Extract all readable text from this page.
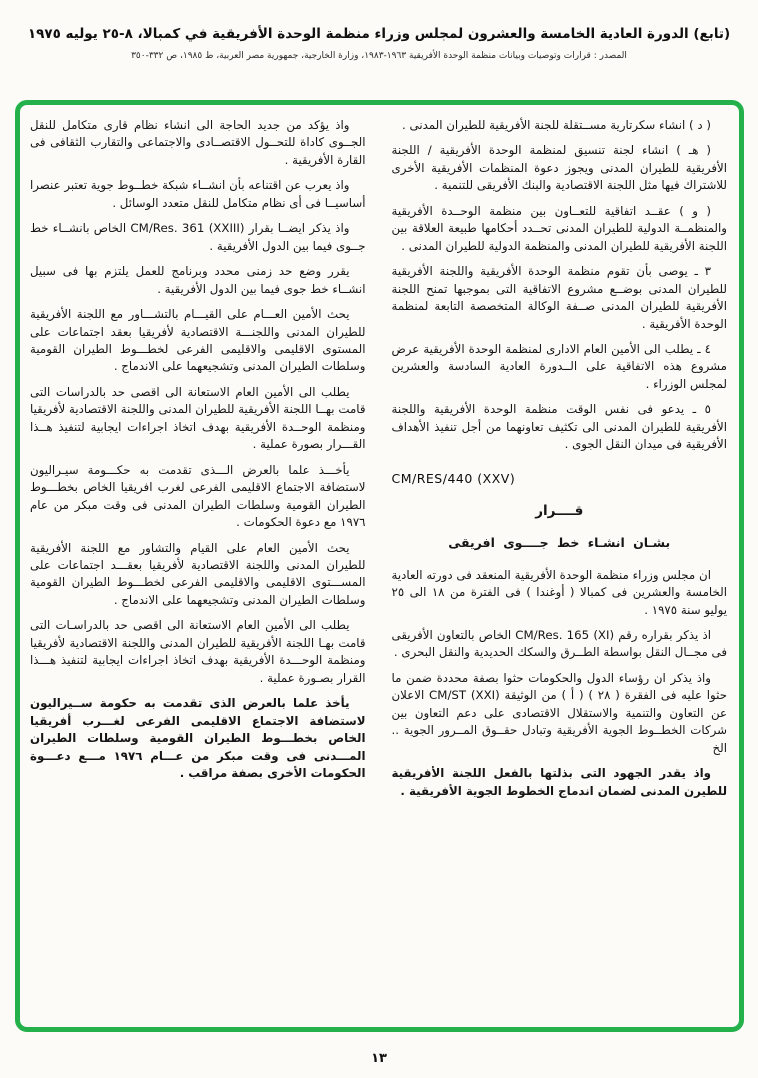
(تابع) الدورة العادية الخامسة والعشرون لمجلس وزراء منظمة الوحدة الأفريقية في كمبالا، ٨-٢٥ يوليه ١٩٧٥
المصدر : قرارات وتوصيات وبيانات منظمة الوحدة الأفريقية ١٩٦٣-١٩٨٣، وزارة الخارجية، جمهورية مصر العربية، ط ١٩٨٥، ص ٣٣٢-٣٥٠

( د ) انشاء سكرتارية مســتقلة للجنة الأفريقية للطيران المدنى .

( هـ ) انشاء لجنة تنسيق لمنظمة الوحدة الأفريقية / اللجنة الأفريقية للطيران المدنى ويجوز دعوة المنظمات الأفريقية الأخرى للاشتراك فيها مثل اللجنة الاقتصادية والبنك الأفريقى للتنمية .

( و ) عقــد اتفاقية للتعــاون بين منظمة الوحــدة الأفريقية والمنظمــة الدولية للطيران المدنى تحــدد أحكامها طبيعة العلاقة بين اللجنة الأفريقية للطيران المدنى والمنظمة الدولية للطيران المدنى .

٣ ـ يوصى بأن تقوم منظمة الوحدة الأفريقية واللجنة الأفريقية للطيران المدنى بوضــع مشروع الاتفاقية التى بموجبها تمنح اللجنة الأفريقية للطيران المدنى صــفة الوكالة المتخصصة التابعة لمنظمة الوحدة الأفريقية .

٤ ـ يطلب الى الأمين العام الادارى لمنظمة الوحدة الأفريقية عرض مشروع هذه الاتفاقية على الــدورة العادية السادسة والعشرين لمجلس الوزراء .

٥ ـ يدعو فى نفس الوقت منظمة الوحدة الأفريقية واللجنة الأفريقية للطيران المدنى الى تكثيف تعاونهما من أجل تنفيذ الأهداف الأفريقية فى ميدان النقل الجوى .

CM/RES/440 (XXV)

قــــرار

بشـان انشـاء خط جــــوى افريقى

ان مجلس وزراء منظمة الوحدة الأفريقية المنعقد فى دورته العادية الخامسة والعشرين فى كمبالا ( أوغندا ) فى الفترة من ١٨ الى ٢٥ يوليو سنة ١٩٧٥ .

اذ يذكر بقراره رقم CM/Res. 165 (XI) الخاص بالتعاون الأفريقى فى مجــال النقل بواسطة الطــرق والسكك الحديدية والنقل البحرى .

واذ يذكر ان رؤساء الدول والحكومات حثوا بصفة محددة ضمن ما حثوا عليه فى الفقرة ( ٢٨ ) ( أ ) من الوثيقة CM/ST (XXI) الاعلان عن التعاون والتنمية والاستقلال الاقتصادى على دعم التعاون بين شركات الخطــوط الجوية الأفريقية وتبادل حقــوق المــرور الجوية .. الخ

واذ يقدر الجهود التى بذلتها بالفعل اللجنة الأفريقية للطيرن المدنى لضمان اندماج الخطوط الجوية الأفريقية .

واذ يؤكد من جديد الحاجة الى انشاء نظام قارى متكامل للنقل الجــوى كاداة للتحــول الاقتصــادى والاجتماعى والتقارب الثقافى فى القارة الأفريقية .

واذ يعرب عن اقتناعه بأن انشــاء شبكة خطــوط جوية تعتبر عنصرا أساسيــا فى أى نظام متكامل للنقل متعدد الوسائل .

واذ يذكر ايضــا بقرار CM/Res. 361 (XXIII) الخاص بانشــاء خط جــوى فيما بين الدول الأفريقية .

يقرر وضع حد زمنى محدد وبرنامج للعمل يلتزم بها فى سبيل انشــاء خط جوى فيما بين الدول الأفريقية .

يحث الأمين العـــام على القيـــام بالتشـــاور مع اللجنة الأفريقية للطيران المدنى واللجنـــة الاقتصادية لأفريقيا بعقد اجتماعات على المستوى الاقليمى والاقليمى الفرعى لخطـــوط الطيران القومية وسلطات الطيران المدنى وتشجيعهما على الاندماج .

يطلب الى الأمين العام الاستعانة الى اقصى حد بالدراسات التى قامت بهــا اللجنة الأفريقية للطيران المدنى واللجنة الاقتصادية لأفريقيا ومنظمة الوحــدة الأفريقية بهدف اتخاذ اجراءات ايجابية لتنفيذ هــذا القـــرار بصورة عملية .

يأخـــذ علما بالعرض الـــذى تقدمت به حكـــومة سيـراليون لاستضافة الاجتماع الاقليمى الفرعى لغرب افريقيا الخاص بخطـــوط الطيران القومية وسلطات الطيران المدنى فى وقت مبكر من عام ١٩٧٦ مع دعوة الحكومات .

يحث الأمين العام على القيام والتشاور مع اللجنة الأفريقية للطيران المدنى واللجنة الاقتصادية لأفريقيا بعقـــد اجتماعات على المســـتوى الاقليمى والاقليمى الفرعى لخطـــوط الطيران القومية وسلطات الطيران المدنى وتشجيعهما على الاندماج .

يطلب الى الأمين العام الاستعانة الى اقصى حد بالدراسـات التى قامت بهـا اللجنة الأفريقية للطيران المدنى واللجنة الاقتصادية لأفريقيا ومنظمة الوحـــدة الأفريقية بهدف اتخاذ اجراءات ايجابية لتنفيذ هـــذا القرار بصـورة عملية .

يأخذ علما بالعرض الذى تقدمت به حكومة ســيراليون لاستضافة الاجتماع الاقليمى الفرعى لغـــرب أفريقيا الخاص بخطـــوط الطيران القومية وسلطات الطيران المـــدنى فى وقت مبكر من عـــام ١٩٧٦ مـــع دعـــوة الحكومات الأخرى بصفة مراقب .

١٣
